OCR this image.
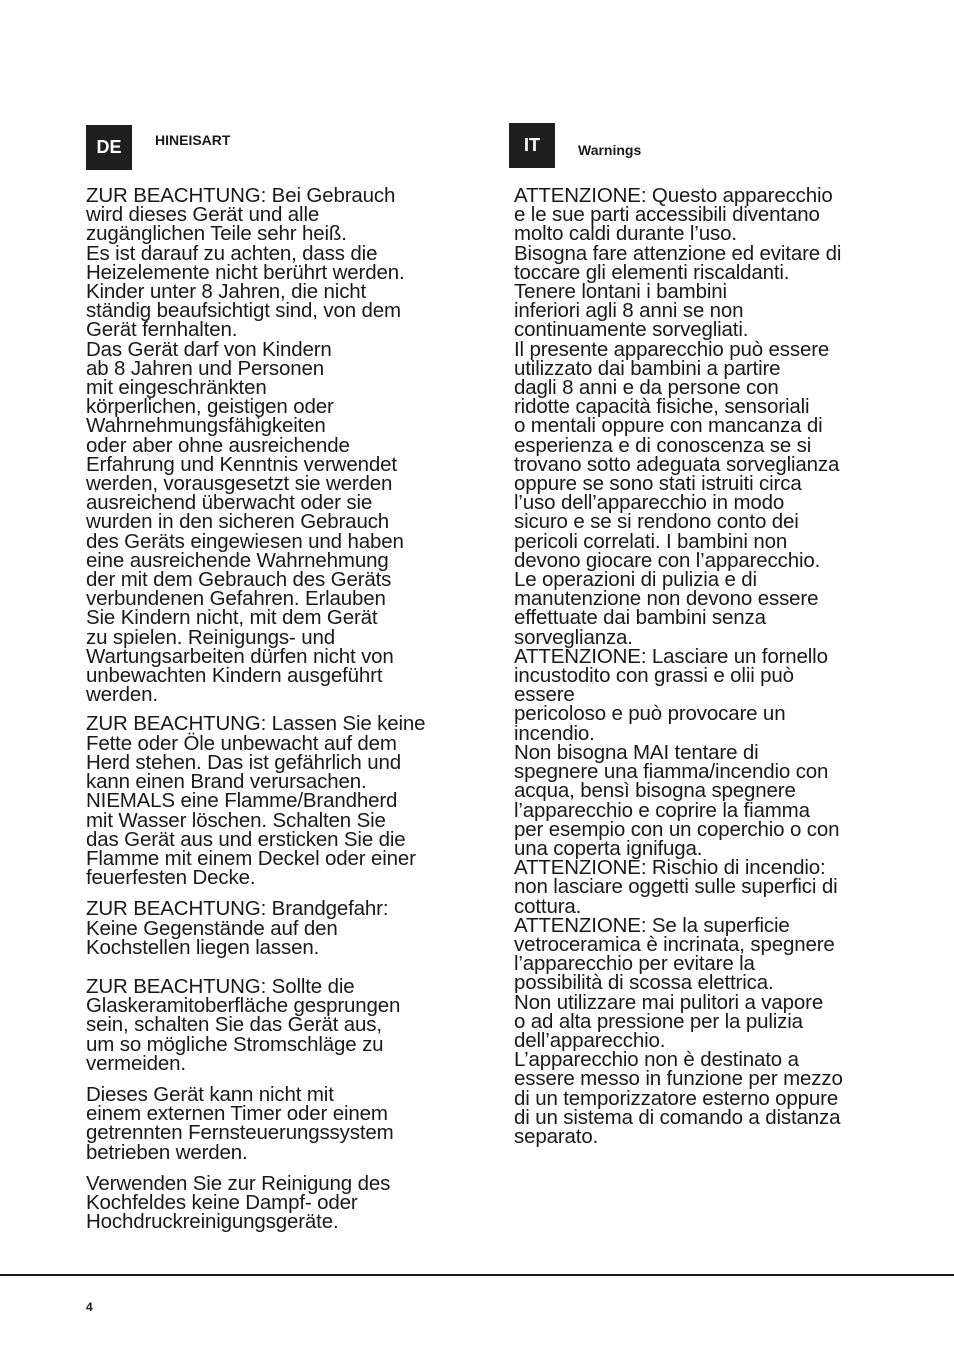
DE	HINEISART	IT	Warnings
ZUR BEACHTUNG: Bei Gebrauch
wird dieses Gerät und alle
zugänglichen Teile sehr heiß.
Es ist darauf zu achten, dass die
Heizelemente nicht berührt werden.
Kinder unter 8 Jahren, die nicht
ständig beaufsichtigt sind, von dem
Gerät fernhalten.
Das Gerät darf von Kindern
ab 8 Jahren und Personen
mit eingeschränkten
körperlichen, geistigen oder
Wahrnehmungsfähigkeiten
oder aber ohne ausreichende
Erfahrung und Kenntnis verwendet
werden, vorausgesetzt sie werden
ausreichend überwacht oder sie
wurden in den sicheren Gebrauch
des Geräts eingewiesen und haben
eine ausreichende Wahrnehmung
der mit dem Gebrauch des Geräts
verbundenen Gefahren. Erlauben
Sie Kindern nicht, mit dem Gerät
zu spielen. Reinigungs- und
Wartungsarbeiten dürfen nicht von
unbewachten Kindern ausgeführt
werden.
ZUR BEACHTUNG: Lassen Sie keine
Fette oder Öle unbewacht auf dem
Herd stehen. Das ist gefährlich und
kann einen Brand verursachen.
NIEMALS eine Flamme/Brandherd
mit Wasser löschen. Schalten Sie
das Gerät aus und ersticken Sie die
Flamme mit einem Deckel oder einer
feuerfesten Decke.
ZUR BEACHTUNG: Brandgefahr:
Keine Gegenstände auf den
Kochstellen liegen lassen.
ZUR BEACHTUNG: Sollte die
Glaskeramitoberfläche gesprungen
sein, schalten Sie das Gerät aus,
um so mögliche Stromschläge zu
vermeiden.
Dieses Gerät kann nicht mit
einem externen Timer oder einem
getrennten Fernsteuerungssystem
betrieben werden.
Verwenden Sie zur Reinigung des
Kochfeldes keine Dampf- oder
Hochdruckreinigungsgeräte.
ATTENZIONE: Questo apparecchio
e le sue parti accessibili diventano
molto caldi durante l’uso.
Bisogna fare attenzione ed evitare di
toccare gli elementi riscaldanti.
Tenere lontani i bambini
inferiori agli 8 anni se non
continuamente sorvegliati.
Il presente apparecchio può essere
utilizzato dai bambini a partire
dagli 8 anni e da persone con
ridotte capacità fisiche, sensoriali
o mentali oppure con mancanza di
esperienza e di conoscenza se si
trovano sotto adeguata sorveglianza
oppure se sono stati istruiti circa
l’uso dell’apparecchio in modo
sicuro e se si rendono conto dei
pericoli correlati. I bambini non
devono giocare con l’apparecchio.
Le operazioni di pulizia e di
manutenzione non devono essere
effettuate dai bambini senza
sorveglianza.
ATTENZIONE: Lasciare un fornello
incustodito con grassi e olii può
essere
pericoloso e può provocare un
incendio.
Non bisogna MAI tentare di
spegnere una fiamma/incendio con
acqua, bensì bisogna spegnere
l’apparecchio e coprire la fiamma
per esempio con un coperchio o con
una coperta ignifuga.
ATTENZIONE: Rischio di incendio:
non lasciare oggetti sulle superfici di
cottura.
ATTENZIONE: Se la superficie
vetroceramica è incrinata, spegnere
l’apparecchio per evitare la
possibilità di scossa elettrica.
Non utilizzare mai pulitori a vapore
o ad alta pressione per la pulizia
dell’apparecchio.
L’apparecchio non è destinato a
essere messo in funzione per mezzo
di un temporizzatore esterno oppure
di un sistema di comando a distanza
separato.
4
